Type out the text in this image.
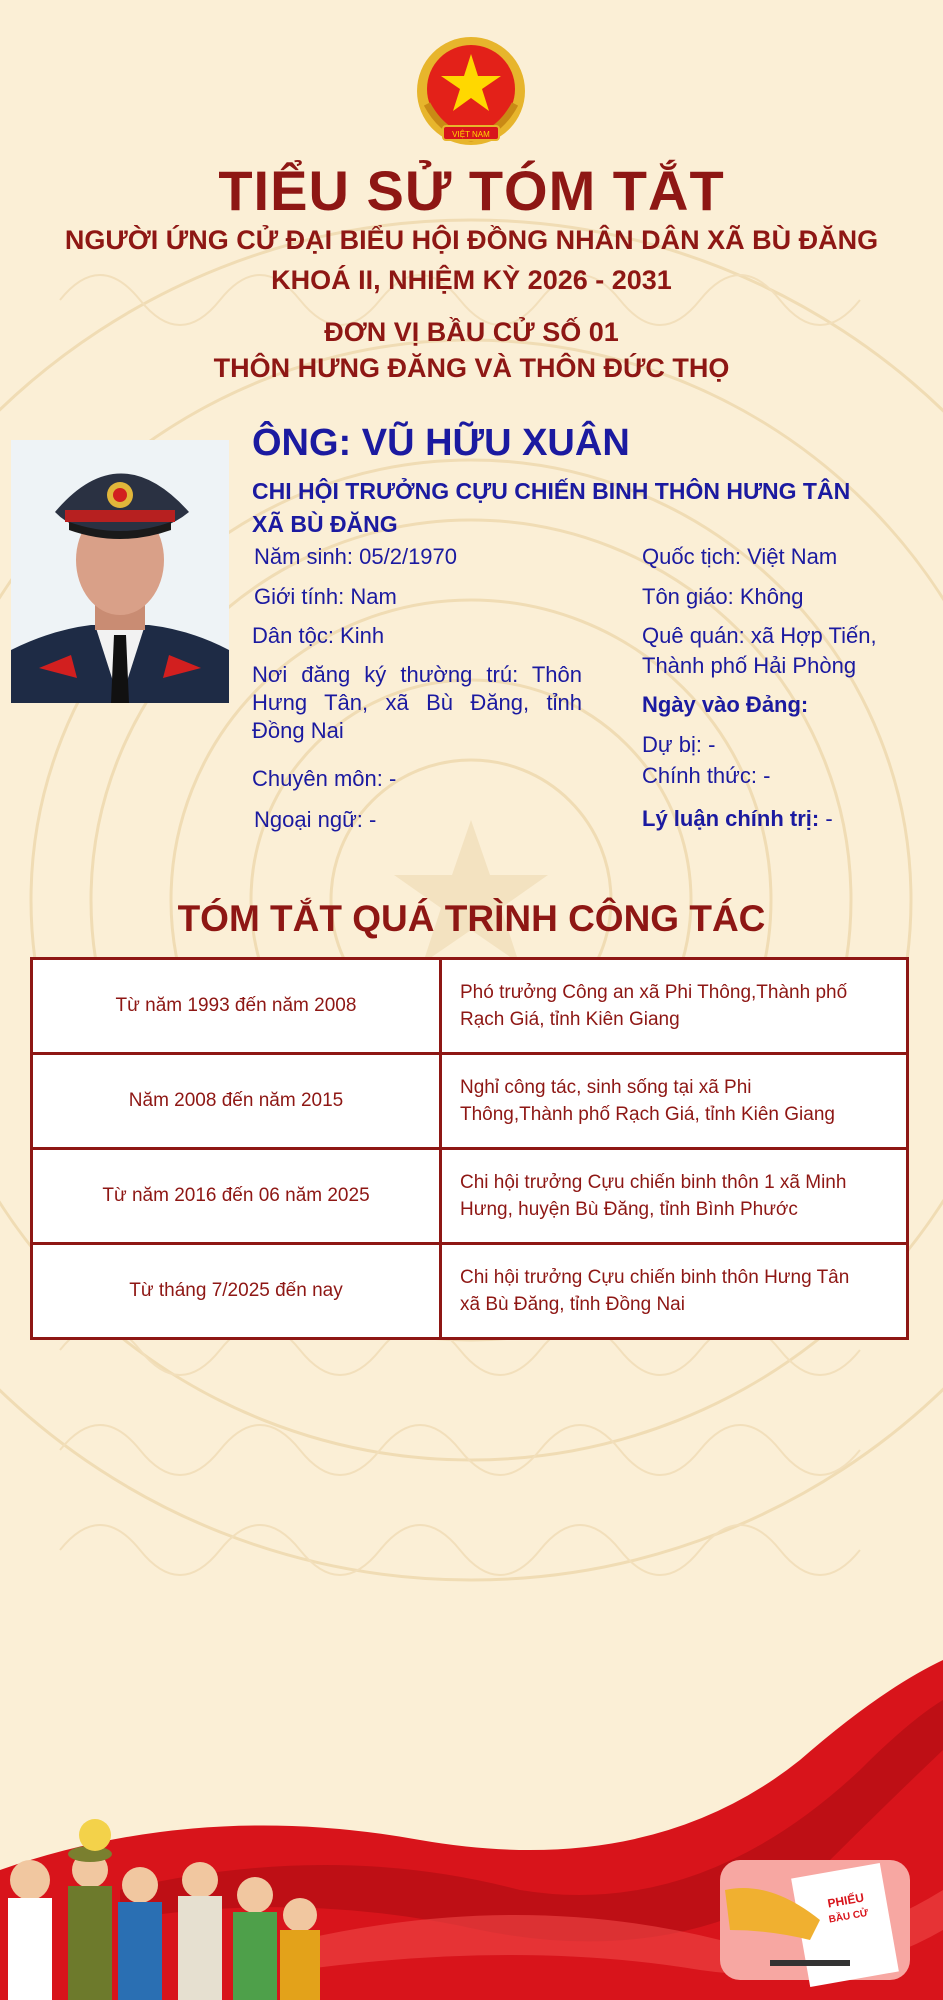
VIỆT NAM
TIỂU SỬ TÓM TẮT
NGƯỜI ỨNG CỬ ĐẠI BIỂU HỘI ĐỒNG NHÂN DÂN XÃ BÙ ĐĂNG
KHOÁ II, NHIỆM KỲ 2026 - 2031
ĐƠN VỊ BẦU CỬ SỐ 01
THÔN HƯNG ĐĂNG VÀ THÔN ĐỨC THỌ
ÔNG: VŨ HỮU XUÂN
CHI HỘI TRƯỞNG CỰU CHIẾN BINH THÔN HƯNG TÂN
XÃ BÙ ĐĂNG
Năm sinh: 05/2/1970
Giới tính: Nam
Dân tộc: Kinh
Nơi đăng ký thường trú: Thôn Hưng Tân, xã Bù Đăng, tỉnh Đồng Nai
Chuyên môn: -
Ngoại ngữ: -
Quốc tịch: Việt Nam
Tôn giáo: Không
Quê quán: xã Hợp Tiến,
Thành phố Hải Phòng
Ngày vào Đảng:
Dự bị: -
Chính thức: -
Lý luận chính trị: -
TÓM TẮT QUÁ TRÌNH CÔNG TÁC
Từ năm 1993 đến năm 2008	Phó trưởng Công an xã Phi Thông,Thành phố
Rạch Giá, tỉnh Kiên Giang

Năm 2008 đến năm 2015	Nghỉ công tác, sinh sống tại xã Phi
Thông,Thành phố Rạch Giá, tỉnh Kiên Giang

Từ năm 2016 đến 06 năm 2025	Chi hội trưởng Cựu chiến binh thôn 1 xã Minh
Hưng, huyện Bù Đăng, tỉnh Bình Phước

Từ tháng 7/2025 đến nay	Chi hội trưởng Cựu chiến binh thôn Hưng Tân
xã Bù Đăng, tỉnh Đồng Nai
PHIẾU
BẦU CỬ
